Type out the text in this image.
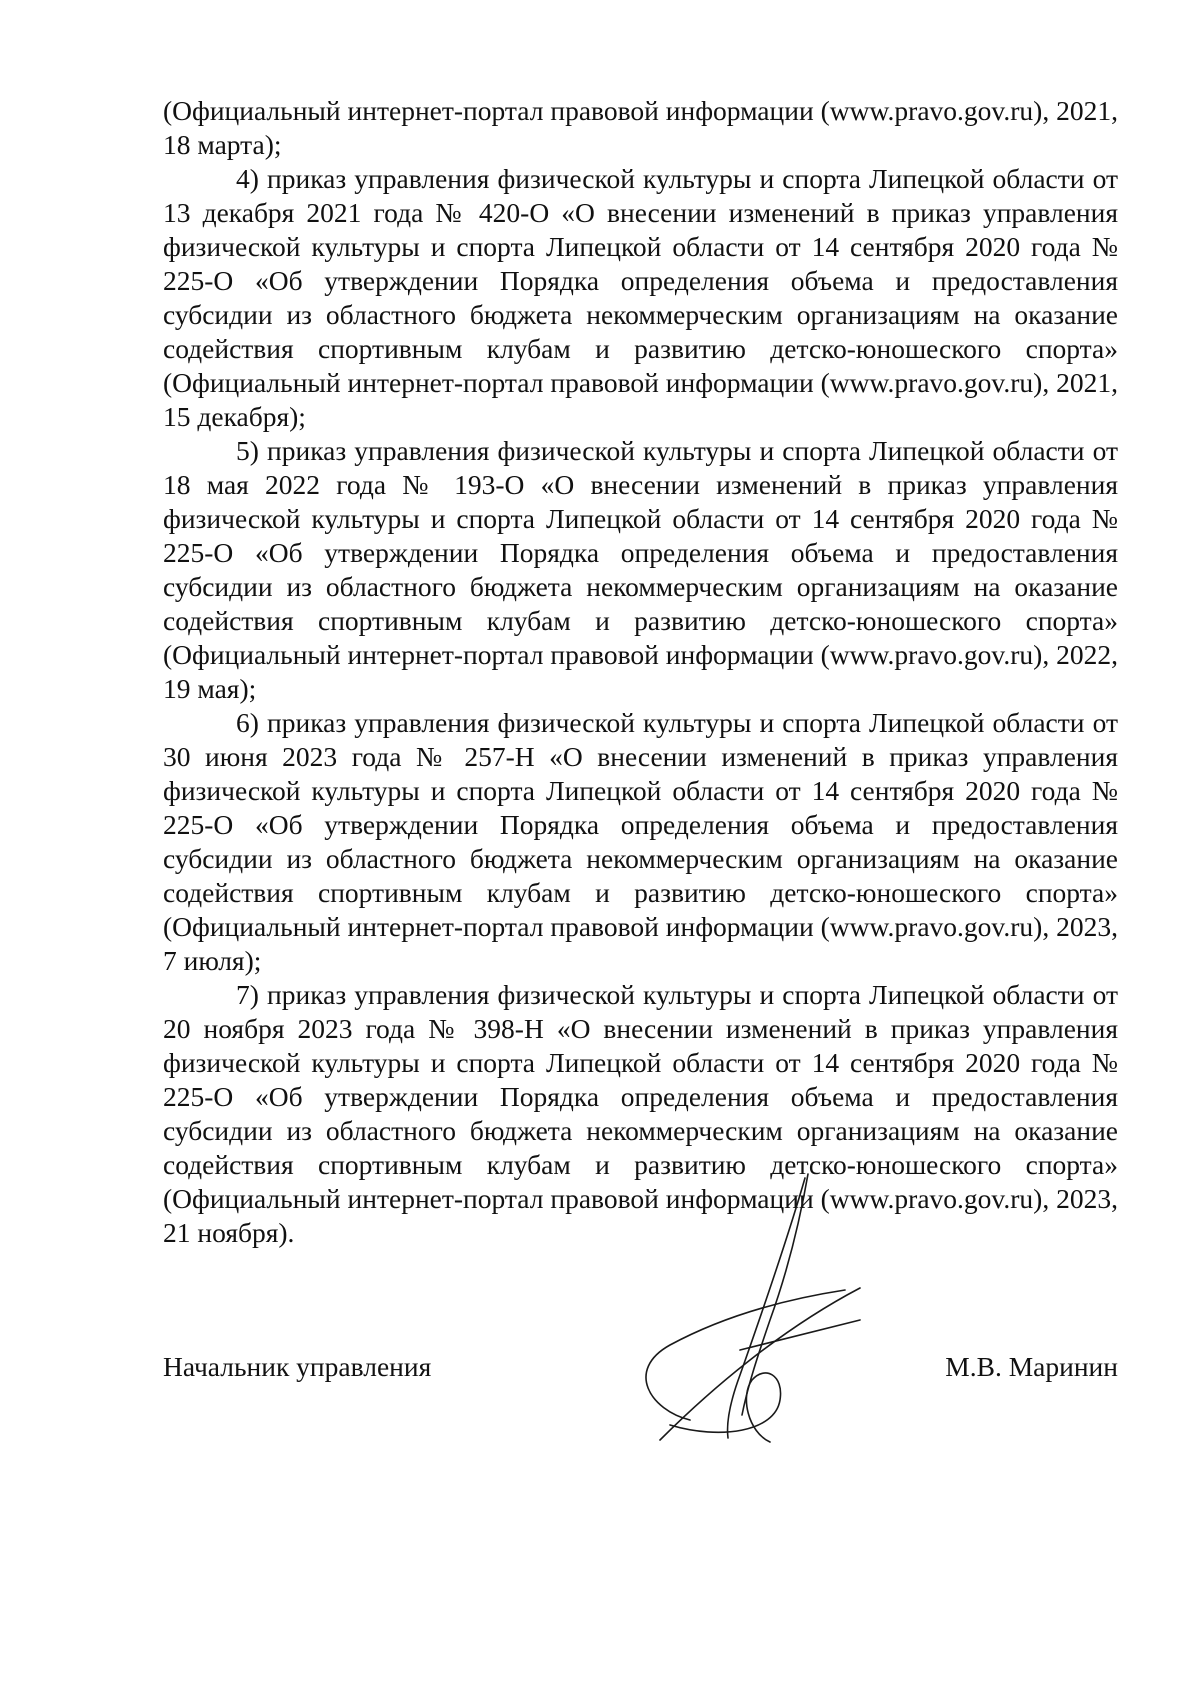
(Официальный интернет-портал правовой информации (www.pravo.gov.ru), 2021, 18 марта);

4) приказ управления физической культуры и спорта Липецкой области от 13 декабря 2021 года № 420-О «О внесении изменений в приказ управления физической культуры и спорта Липецкой области от 14 сентября 2020 года № 225-О «Об утверждении Порядка определения объема и предоставления субсидии из областного бюджета некоммерческим организациям на оказание содействия спортивным клубам и развитию детско-юношеского спорта» (Официальный интернет-портал правовой информации (www.pravo.gov.ru), 2021, 15 декабря);

5) приказ управления физической культуры и спорта Липецкой области от 18 мая 2022 года № 193-О «О внесении изменений в приказ управления физической культуры и спорта Липецкой области от 14 сентября 2020 года № 225-О «Об утверждении Порядка определения объема и предоставления субсидии из областного бюджета некоммерческим организациям на оказание содействия спортивным клубам и развитию детско-юношеского спорта» (Официальный интернет-портал правовой информации (www.pravo.gov.ru), 2022, 19 мая);

6) приказ управления физической культуры и спорта Липецкой области от 30 июня 2023 года № 257-Н «О внесении изменений в приказ управления физической культуры и спорта Липецкой области от 14 сентября 2020 года № 225-О «Об утверждении Порядка определения объема и предоставления субсидии из областного бюджета некоммерческим организациям на оказание содействия спортивным клубам и развитию детско-юношеского спорта» (Официальный интернет-портал правовой информации (www.pravo.gov.ru), 2023, 7 июля);

7) приказ управления физической культуры и спорта Липецкой области от 20 ноября 2023 года № 398-Н «О внесении изменений в приказ управления физической культуры и спорта Липецкой области от 14 сентября 2020 года № 225-О «Об утверждении Порядка определения объема и предоставления субсидии из областного бюджета некоммерческим организациям на оказание содействия спортивным клубам и развитию детско-юношеского спорта» (Официальный интернет-портал правовой информации (www.pravo.gov.ru), 2023, 21 ноября).

Начальник управления	М.В. Маринин
